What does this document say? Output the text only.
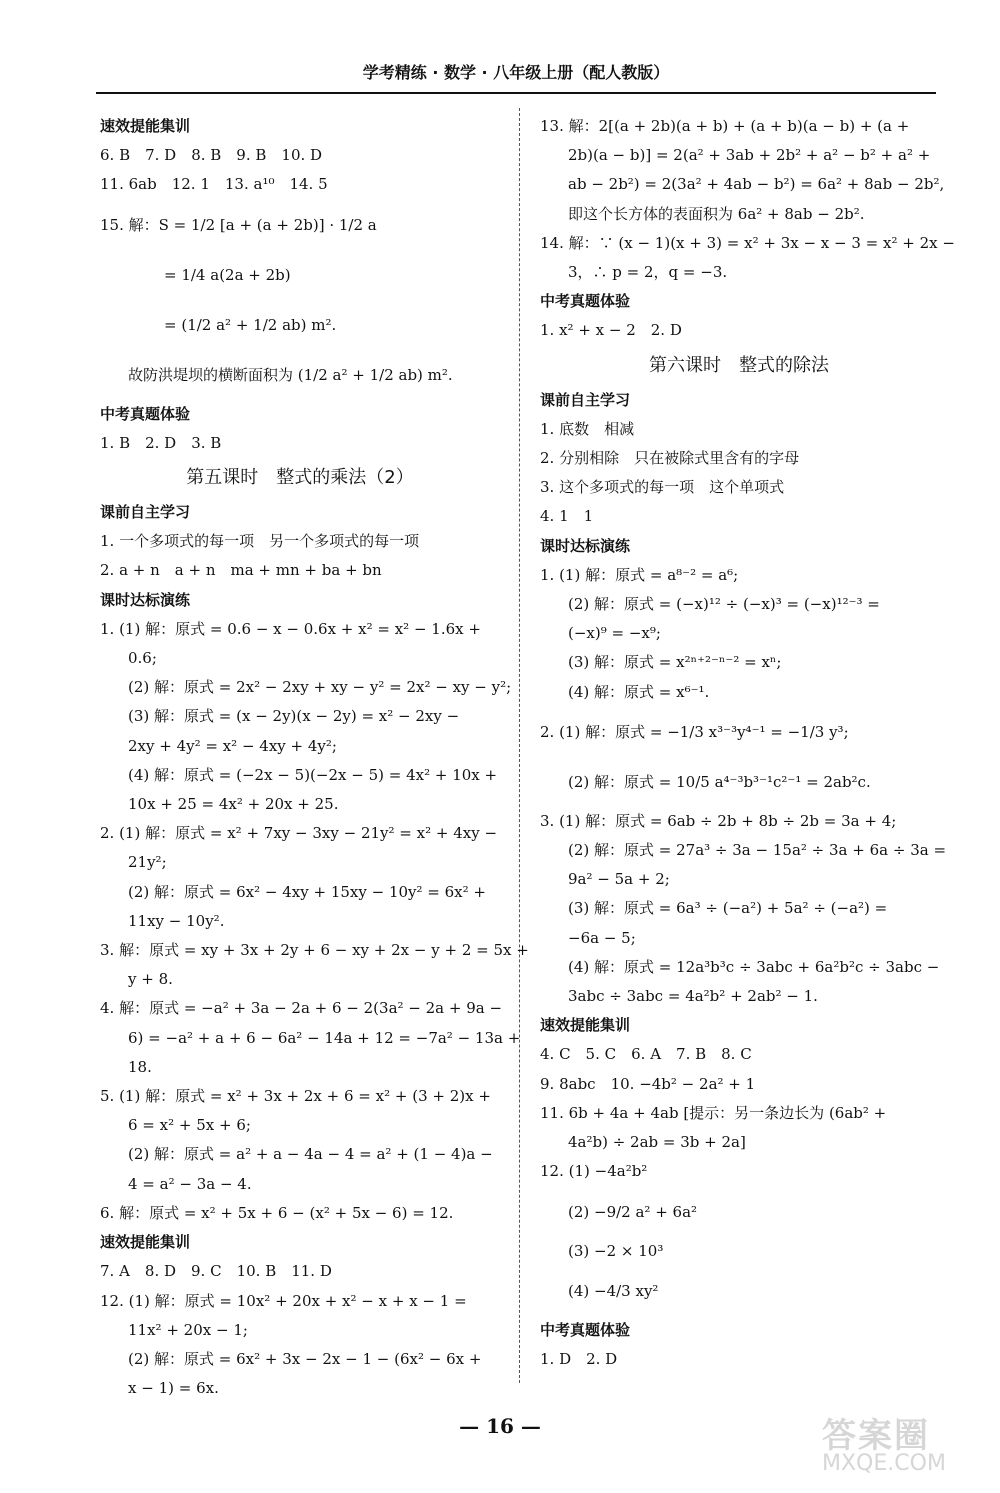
学考精练 · 数学 · 八年级上册（配人教版）
速效提能集训
6. B　7. D　8. B　9. B　10. D
11. 6ab　12. 1　13. a¹⁰　14. 5
15. 解：S = 1/2 [a + (a + 2b)] · 1/2 a
= 1/4 a(2a + 2b)
= (1/2 a² + 1/2 ab) m².
故防洪堤坝的横断面积为 (1/2 a² + 1/2 ab) m².
中考真题体验
1. B　2. D　3. B
第五课时　整式的乘法（2）
课前自主学习
1. 一个多项式的每一项　另一个多项式的每一项
2. a + n　a + n　ma + mn + ba + bn
课时达标演练
1. (1) 解：原式 = 0.6 − x − 0.6x + x² = x² − 1.6x +
0.6;
(2) 解：原式 = 2x² − 2xy + xy − y² = 2x² − xy − y²;
(3) 解：原式 = (x − 2y)(x − 2y) = x² − 2xy −
2xy + 4y² = x² − 4xy + 4y²;
(4) 解：原式 = (−2x − 5)(−2x − 5) = 4x² + 10x +
10x + 25 = 4x² + 20x + 25.
2. (1) 解：原式 = x² + 7xy − 3xy − 21y² = x² + 4xy −
21y²;
(2) 解：原式 = 6x² − 4xy + 15xy − 10y² = 6x² +
11xy − 10y².
3. 解：原式 = xy + 3x + 2y + 6 − xy + 2x − y + 2 = 5x +
y + 8.
4. 解：原式 = −a² + 3a − 2a + 6 − 2(3a² − 2a + 9a −
6) = −a² + a + 6 − 6a² − 14a + 12 = −7a² − 13a +
18.
5. (1) 解：原式 = x² + 3x + 2x + 6 = x² + (3 + 2)x +
6 = x² + 5x + 6;
(2) 解：原式 = a² + a − 4a − 4 = a² + (1 − 4)a −
4 = a² − 3a − 4.
6. 解：原式 = x² + 5x + 6 − (x² + 5x − 6) = 12.
速效提能集训
7. A　8. D　9. C　10. B　11. D
12. (1) 解：原式 = 10x² + 20x + x² − x + x − 1 =
11x² + 20x − 1;
(2) 解：原式 = 6x² + 3x − 2x − 1 − (6x² − 6x +
x − 1) = 6x.
13. 解：2[(a + 2b)(a + b) + (a + b)(a − b) + (a +
2b)(a − b)] = 2(a² + 3ab + 2b² + a² − b² + a² +
ab − 2b²) = 2(3a² + 4ab − b²) = 6a² + 8ab − 2b²,
即这个长方体的表面积为 6a² + 8ab − 2b².
14. 解：∵ (x − 1)(x + 3) = x² + 3x − x − 3 = x² + 2x −
3，∴ p = 2，q = −3.
中考真题体验
1. x² + x − 2　2. D
第六课时　整式的除法
课前自主学习
1. 底数　相减
2. 分别相除　只在被除式里含有的字母
3. 这个多项式的每一项　这个单项式
4. 1　1
课时达标演练
1. (1) 解：原式 = a⁸⁻² = a⁶;
(2) 解：原式 = (−x)¹² ÷ (−x)³ = (−x)¹²⁻³ =
(−x)⁹ = −x⁹;
(3) 解：原式 = x²ⁿ⁺²⁻ⁿ⁻² = xⁿ;
(4) 解：原式 = x⁶⁻¹.
2. (1) 解：原式 = −1/3 x³⁻³y⁴⁻¹ = −1/3 y³;
(2) 解：原式 = 10/5 a⁴⁻³b³⁻¹c²⁻¹ = 2ab²c.
3. (1) 解：原式 = 6ab ÷ 2b + 8b ÷ 2b = 3a + 4;
(2) 解：原式 = 27a³ ÷ 3a − 15a² ÷ 3a + 6a ÷ 3a =
9a² − 5a + 2;
(3) 解：原式 = 6a³ ÷ (−a²) + 5a² ÷ (−a²) =
−6a − 5;
(4) 解：原式 = 12a³b³c ÷ 3abc + 6a²b²c ÷ 3abc −
3abc ÷ 3abc = 4a²b² + 2ab² − 1.
速效提能集训
4. C　5. C　6. A　7. B　8. C
9. 8abc　10. −4b² − 2a² + 1
11. 6b + 4a + 4ab [提示：另一条边长为 (6ab² +
4a²b) ÷ 2ab = 3b + 2a]
12. (1) −4a²b²
(2) −9/2 a² + 6a²
(3) −2 × 10³
(4) −4/3 xy²
中考真题体验
1. D　2. D
— 16 —	答案圈
MXQE.COM
